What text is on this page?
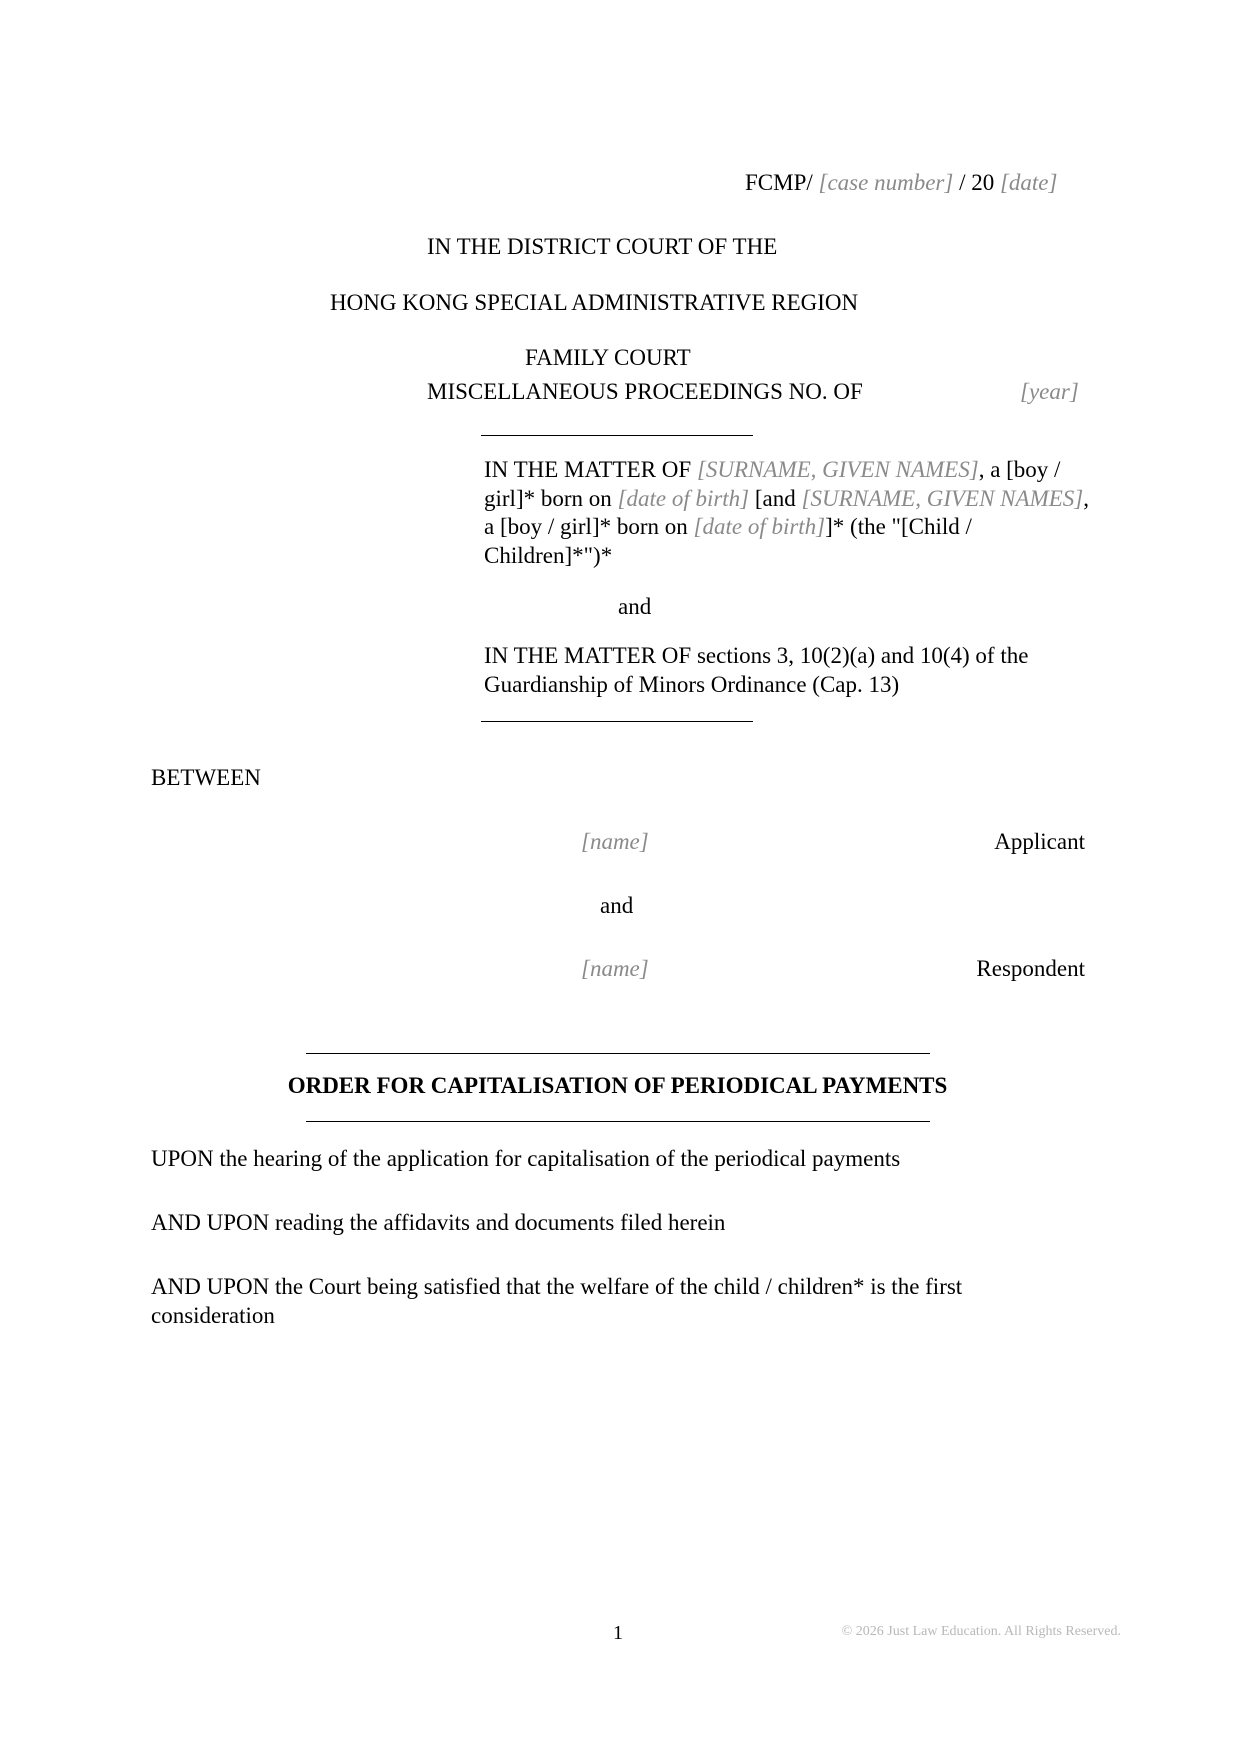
FCMP/ [case number] / 20 [date]
IN THE DISTRICT COURT OF THE
HONG KONG SPECIAL ADMINISTRATIVE REGION
FAMILY COURT
MISCELLANEOUS PROCEEDINGS NO. OF	[year]
IN THE MATTER OF [SURNAME, GIVEN NAMES], a [boy / girl]* born on [date of birth] [and [SURNAME, GIVEN NAMES], a [boy / girl]* born on [date of birth]]* (the "[Child / Children]*")*
and
IN THE MATTER OF sections 3, 10(2)(a) and 10(4) of the Guardianship of Minors Ordinance (Cap. 13)
BETWEEN
[name]	Applicant
and
[name]	Respondent
ORDER FOR CAPITALISATION OF PERIODICAL PAYMENTS
UPON the hearing of the application for capitalisation of the periodical payments
AND UPON reading the affidavits and documents filed herein
AND UPON the Court being satisfied that the welfare of the child / children* is the first consideration
1	© 2026 Just Law Education. All Rights Reserved.
